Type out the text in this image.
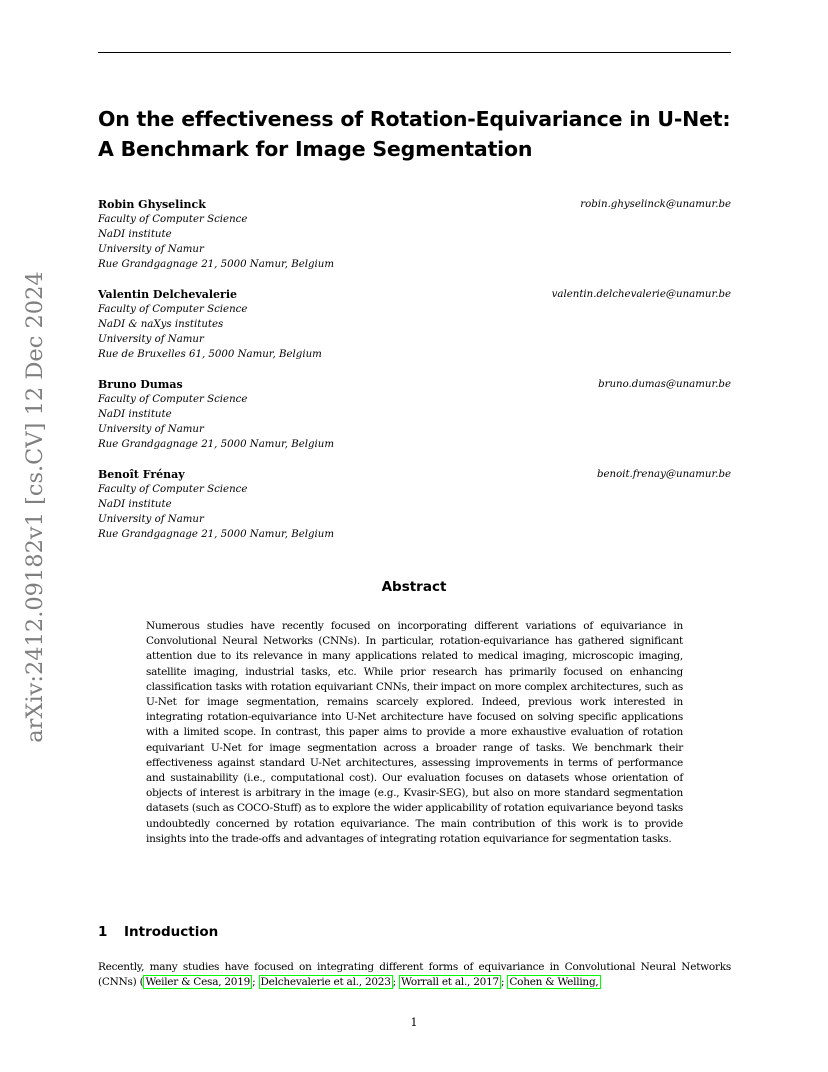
arXiv:2412.09182v1 [cs.CV] 12 Dec 2024
On the effectiveness of Rotation-Equivariance in U-Net:
A Benchmark for Image Segmentation
Robin Ghyselinck	robin.ghyselinck@unamur.be
Faculty of Computer Science
NaDI institute
University of Namur
Rue Grandgagnage 21, 5000 Namur, Belgium
Valentin Delchevalerie	valentin.delchevalerie@unamur.be
Faculty of Computer Science
NaDI & naXys institutes
University of Namur
Rue de Bruxelles 61, 5000 Namur, Belgium
Bruno Dumas	bruno.dumas@unamur.be
Faculty of Computer Science
NaDI institute
University of Namur
Rue Grandgagnage 21, 5000 Namur, Belgium
Benoît Frénay	benoit.frenay@unamur.be
Faculty of Computer Science
NaDI institute
University of Namur
Rue Grandgagnage 21, 5000 Namur, Belgium
Abstract
Numerous studies have recently focused on incorporating different variations of equivariance in Convolutional Neural Networks (CNNs). In particular, rotation-equivariance has gathered significant attention due to its relevance in many applications related to medical imaging, microscopic imaging, satellite imaging, industrial tasks, etc. While prior research has primarily focused on enhancing classification tasks with rotation equivariant CNNs, their impact on more complex architectures, such as U-Net for image segmentation, remains scarcely explored. Indeed, previous work interested in integrating rotation-equivariance into U-Net architecture have focused on solving specific applications with a limited scope. In contrast, this paper aims to provide a more exhaustive evaluation of rotation equivariant U-Net for image segmentation across a broader range of tasks. We benchmark their effectiveness against standard U-Net architectures, assessing improvements in terms of performance and sustainability (i.e., computational cost). Our evaluation focuses on datasets whose orientation of objects of interest is arbitrary in the image (e.g., Kvasir-SEG), but also on more standard segmentation datasets (such as COCO-Stuff) as to explore the wider applicability of rotation equivariance beyond tasks undoubtedly concerned by rotation equivariance. The main contribution of this work is to provide insights into the trade-offs and advantages of integrating rotation equivariance for segmentation tasks.
1 Introduction
Recently, many studies have focused on integrating different forms of equivariance in Convolutional Neural Networks (CNNs) ( Weiler & Cesa, 2019 ; Delchevalerie et al., 2023 ; Worrall et al., 2017 ; Cohen & Welling,
1
